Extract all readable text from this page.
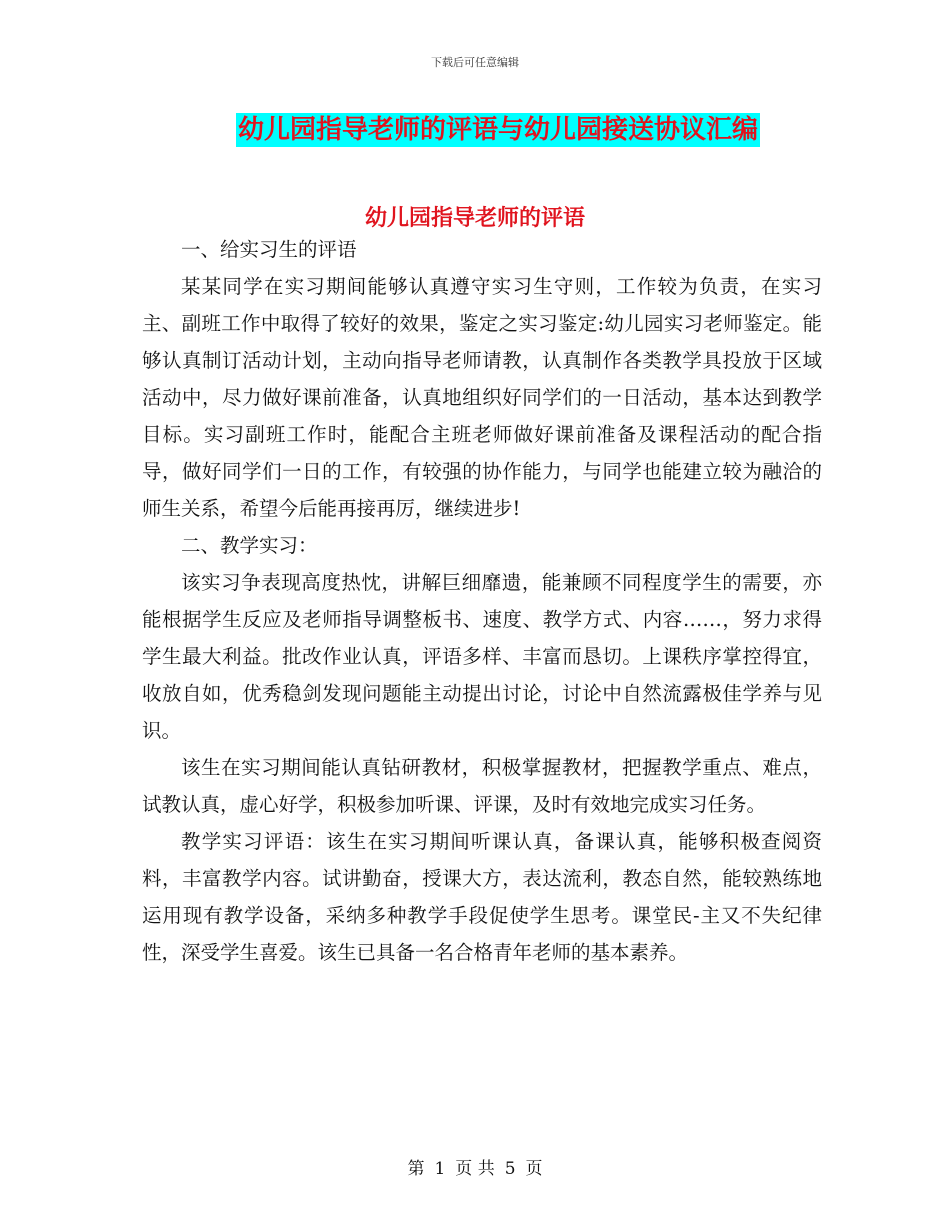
下载后可任意编辑
幼儿园指导老师的评语与幼儿园接送协议汇编
幼儿园指导老师的评语

一、给实习生的评语

某某同学在实习期间能够认真遵守实习生守则，工作较为负责，在实习主、副班工作中取得了较好的效果，鉴定之实习鉴定:幼儿园实习老师鉴定。能够认真制订活动计划，主动向指导老师请教，认真制作各类教学具投放于区域活动中，尽力做好课前准备，认真地组织好同学们的一日活动，基本达到教学目标。实习副班工作时，能配合主班老师做好课前准备及课程活动的配合指导，做好同学们一日的工作，有较强的协作能力，与同学也能建立较为融洽的师生关系，希望今后能再接再厉，继续进步!

二、教学实习：

该实习争表现高度热忱，讲解巨细靡遗，能兼顾不同程度学生的需要，亦能根据学生反应及老师指导调整板书、速度、教学方式、内容……，努力求得学生最大利益。批改作业认真，评语多样、丰富而恳切。上课秩序掌控得宜，收放自如，优秀稳剑发现问题能主动提出讨论，讨论中自然流露极佳学养与见识。

该生在实习期间能认真钻研教材，积极掌握教材，把握教学重点、难点，试教认真，虚心好学，积极参加听课、评课，及时有效地完成实习任务。

教学实习评语：该生在实习期间听课认真，备课认真，能够积极查阅资料，丰富教学内容。试讲勤奋，授课大方，表达流利，教态自然，能较熟练地运用现有教学设备，采纳多种教学手段促使学生思考。课堂民-主又不失纪律性，深受学生喜爱。该生已具备一名合格青年老师的基本素养。

第 1 页 共 5 页
